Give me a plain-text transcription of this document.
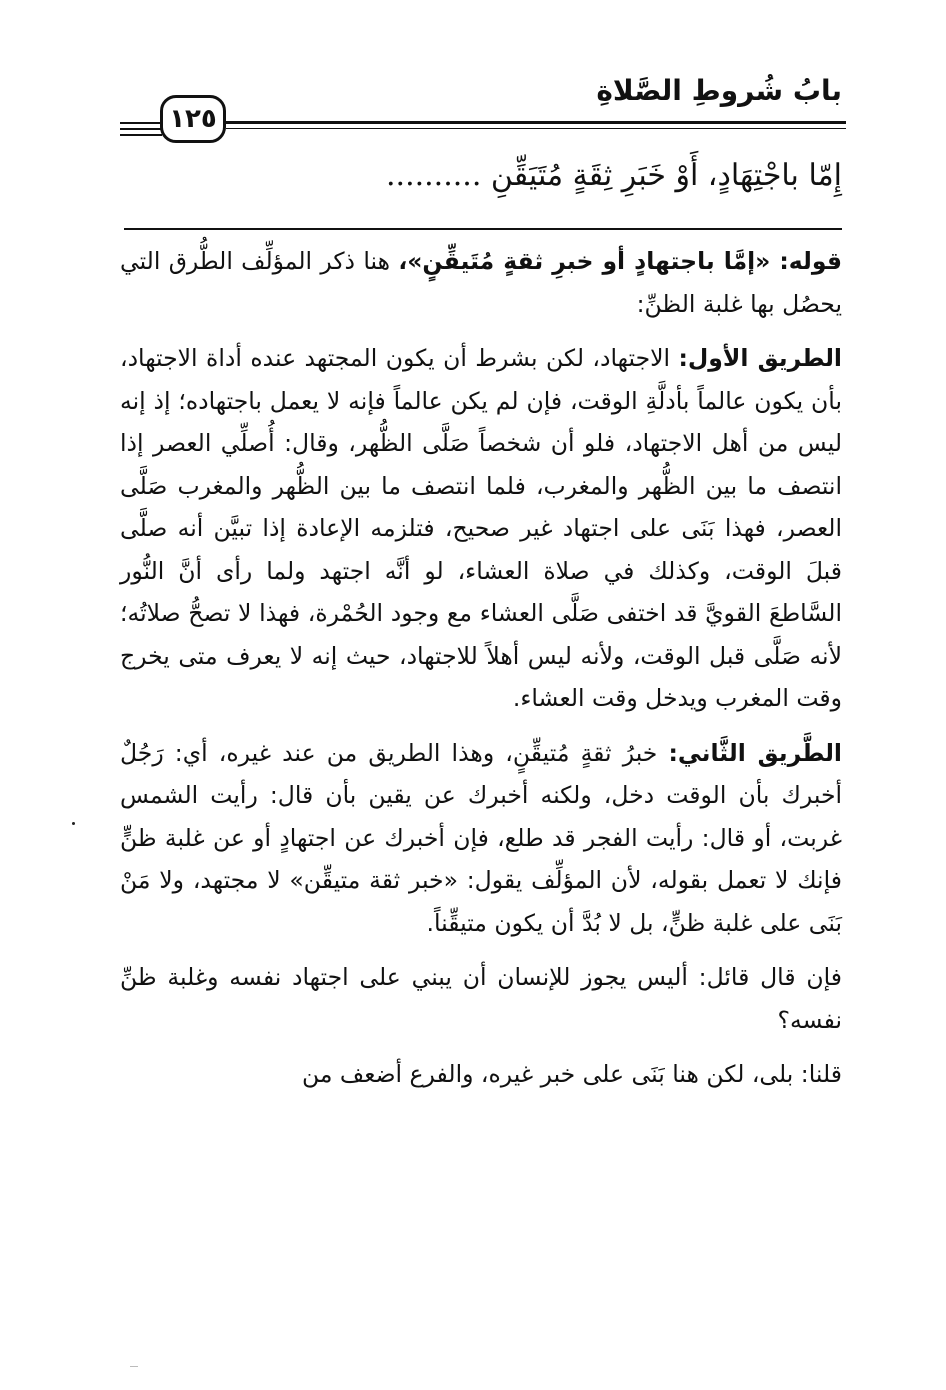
بابُ شُروطِ الصَّلاةِ
١٢٥
إِمّا باجْتِهَادٍ، أَوْ خَبَرِ ثِقَةٍ مُتَيَقِّنِ ..........

قوله: «إمَّا باجتهادٍ أو خبرِ ثقةٍ مُتَيقِّنٍ»، هنا ذكر المؤلِّف الطُّرق التي يحصُل بها غلبة الظنِّ:

الطريق الأول: الاجتهاد، لكن بشرط أن يكون المجتهد عنده أداة الاجتهاد، بأن يكون عالماً بأدلَّةِ الوقت، فإن لم يكن عالماً فإنه لا يعمل باجتهاده؛ إذ إنه ليس من أهل الاجتهاد، فلو أن شخصاً صَلَّى الظُّهر، وقال: أُصلِّي العصر إذا انتصف ما بين الظُّهر والمغرب، فلما انتصف ما بين الظُّهر والمغرب صَلَّى العصر، فهذا بَنَى على اجتهاد غير صحيح، فتلزمه الإعادة إذا تبيَّن أنه صلَّى قبلَ الوقت، وكذلك في صلاة العشاء، لو أنَّه اجتهد ولما رأى أنَّ النُّور السَّاطعَ القويَّ قد اختفى صَلَّى العشاء مع وجود الحُمْرة، فهذا لا تصحُّ صلاتُه؛ لأنه صَلَّى قبل الوقت، ولأنه ليس أهلاً للاجتهاد، حيث إنه لا يعرف متى يخرج وقت المغرب ويدخل وقت العشاء.

الطَّريق الثَّاني: خبرُ ثقةٍ مُتيقِّنٍ، وهذا الطريق من عند غيره، أي: رَجُلٌ أخبرك بأن الوقت دخل، ولكنه أخبرك عن يقين بأن قال: رأيت الشمس غربت، أو قال: رأيت الفجر قد طلع، فإن أخبرك عن اجتهادٍ أو عن غلبة ظنٍّ فإنك لا تعمل بقوله، لأن المؤلِّف يقول: «خبر ثقة متيقِّن» لا مجتهد، ولا مَنْ بَنَى على غلبة ظنٍّ، بل لا بُدَّ أن يكون متيقِّناً.

فإن قال قائل: أليس يجوز للإنسان أن يبني على اجتهاد نفسه وغلبة ظنِّ نفسه؟

قلنا: بلى، لكن هنا بَنَى على خبر غيره، والفرع أضعف من
